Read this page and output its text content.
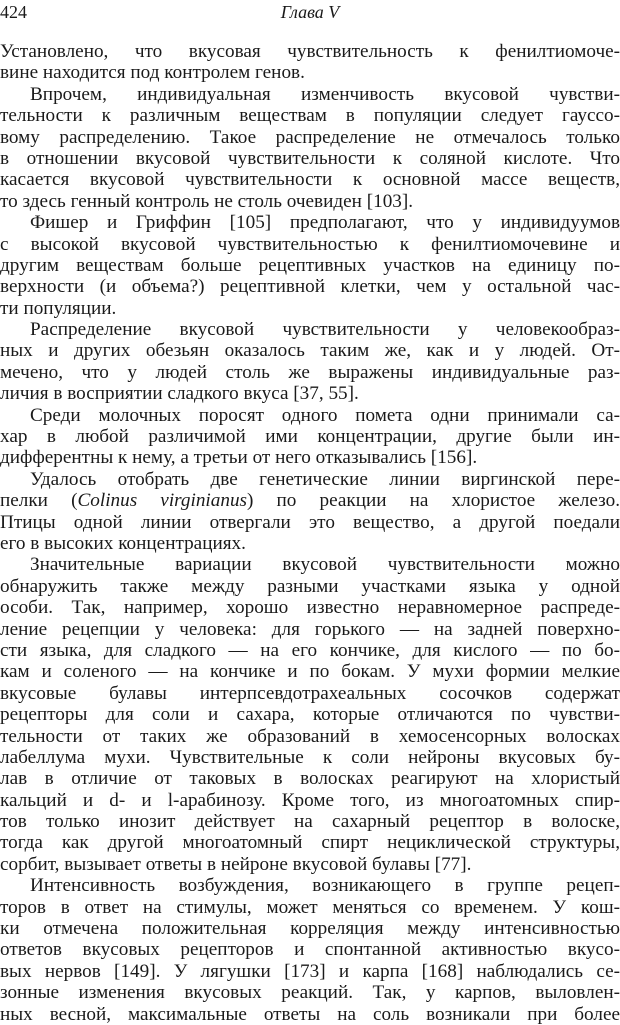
424	Глава V
Установлено, что вкусовая чувствительность к фенилтиомоче-
вине находится под контролем генов.
Впрочем, индивидуальная изменчивость вкусовой чувстви-
тельности к различным веществам в популяции следует гауссо-
вому распределению. Такое распределение не отмечалось только
в отношении вкусовой чувствительности к соляной кислоте. Что
касается вкусовой чувствительности к основной массе веществ,
то здесь генный контроль не столь очевиден [103].
Фишер и Гриффин [105] предполагают, что у индивидуумов
с высокой вкусовой чувствительностью к фенилтиомочевине и
другим веществам больше рецептивных участков на единицу по-
верхности (и объема?) рецептивной клетки, чем у остальной час-
ти популяции.
Распределение вкусовой чувствительности у человекообраз-
ных и других обезьян оказалось таким же, как и у людей. От-
мечено, что у людей столь же выражены индивидуальные раз-
личия в восприятии сладкого вкуса [37, 55].
Среди молочных поросят одного помета одни принимали са-
хар в любой различимой ими концентрации, другие были ин-
дифферентны к нему, а третьи от него отказывались [156].
Удалось отобрать две генетические линии виргинской пере-
пелки (Colinus virginianus) по реакции на хлористое железо.
Птицы одной линии отвергали это вещество, а другой поедали
его в высоких концентрациях.
Значительные вариации вкусовой чувствительности можно
обнаружить также между разными участками языка у одной
особи. Так, например, хорошо известно неравномерное распреде-
ление рецепции у человека: для горького — на задней поверхно-
сти языка, для сладкого — на его кончике, для кислого — по бо-
кам и соленого — на кончике и по бокам. У мухи формии мелкие
вкусовые булавы интерпсевдотрахеальных сосочков содержат
рецепторы для соли и сахара, которые отличаются по чувстви-
тельности от таких же образований в хемосенсорных волосках
лабеллума мухи. Чувствительные к соли нейроны вкусовых бу-
лав в отличие от таковых в волосках реагируют на хлористый
кальций и d- и l-арабинозу. Кроме того, из многоатомных спир-
тов только инозит действует на сахарный рецептор в волоске,
тогда как другой многоатомный спирт нециклической структуры,
сорбит, вызывает ответы в нейроне вкусовой булавы [77].
Интенсивность возбуждения, возникающего в группе рецеп-
торов в ответ на стимулы, может меняться со временем. У кош-
ки отмечена положительная корреляция между интенсивностью
ответов вкусовых рецепторов и спонтанной активностью вкусо-
вых нервов [149]. У лягушки [173] и карпа [168] наблюдались се-
зонные изменения вкусовых реакций. Так, у карпов, выловлен-
ных весной, максимальные ответы на соль возникали при более
